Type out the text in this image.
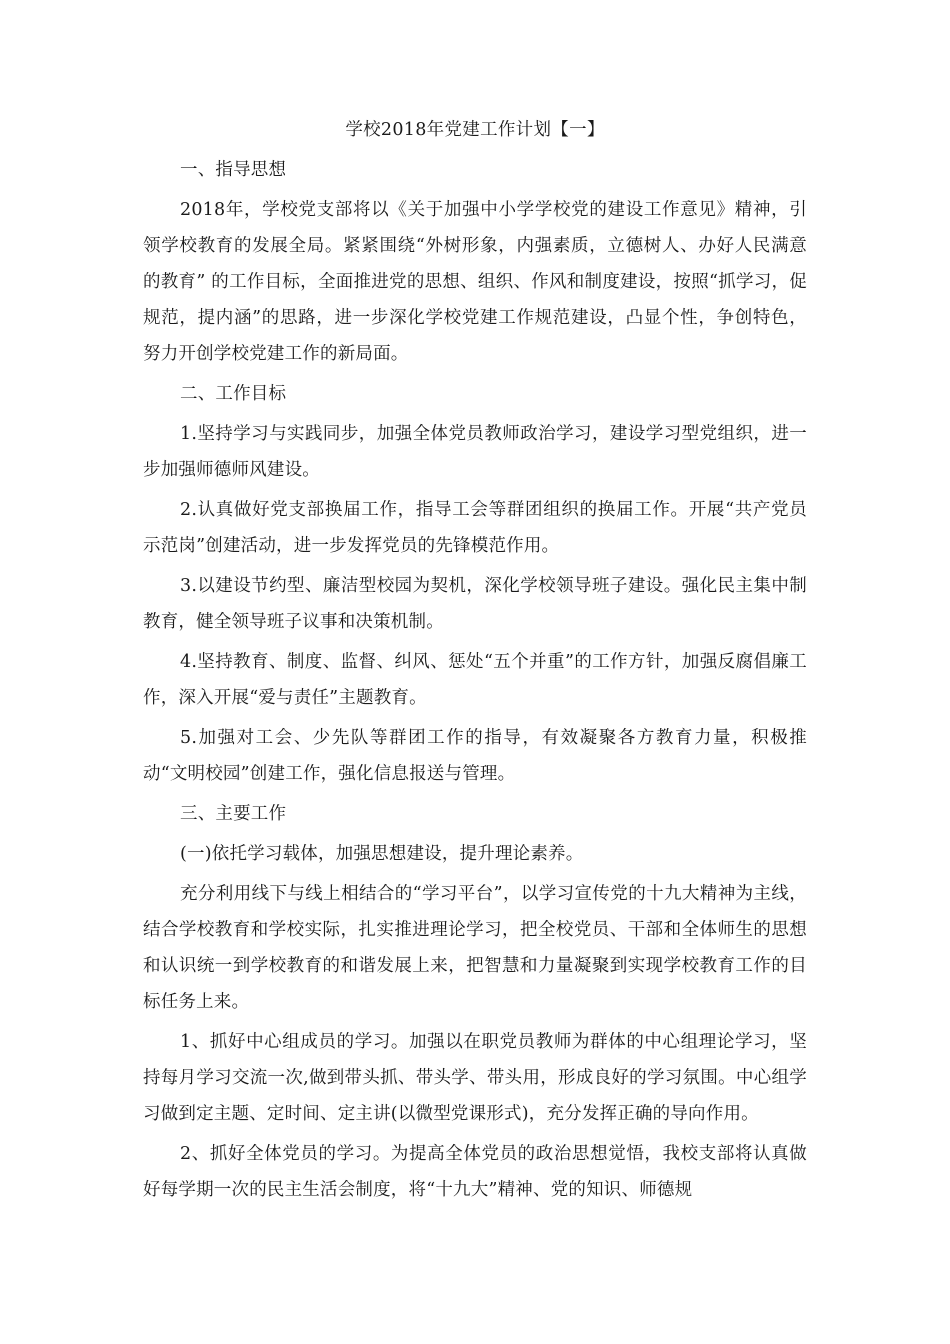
学校2018年党建工作计划【一】
一、指导思想
2018年，学校党支部将以《关于加强中小学学校党的建设工作意见》精神，引领学校教育的发展全局。紧紧围绕“外树形象，内强素质，立德树人、办好人民满意的教育” 的工作目标，全面推进党的思想、组织、作风和制度建设，按照“抓学习，促规范，提内涵”的思路，进一步深化学校党建工作规范建设，凸显个性，争创特色，努力开创学校党建工作的新局面。
二、工作目标
1.坚持学习与实践同步，加强全体党员教师政治学习，建设学习型党组织，进一步加强师德师风建设。
2.认真做好党支部换届工作，指导工会等群团组织的换届工作。开展“共产党员示范岗”创建活动，进一步发挥党员的先锋模范作用。
3.以建设节约型、廉洁型校园为契机，深化学校领导班子建设。强化民主集中制教育，健全领导班子议事和决策机制。
4.坚持教育、制度、监督、纠风、惩处“五个并重”的工作方针，加强反腐倡廉工作，深入开展“爱与责任”主题教育。
5.加强对工会、少先队等群团工作的指导，有效凝聚各方教育力量，积极推动“文明校园”创建工作，强化信息报送与管理。
三、主要工作
(一)依托学习载体，加强思想建设，提升理论素养。
充分利用线下与线上相结合的“学习平台”，以学习宣传党的十九大精神为主线，结合学校教育和学校实际，扎实推进理论学习，把全校党员、干部和全体师生的思想和认识统一到学校教育的和谐发展上来，把智慧和力量凝聚到实现学校教育工作的目标任务上来。
1、抓好中心组成员的学习。加强以在职党员教师为群体的中心组理论学习，坚持每月学习交流一次,做到带头抓、带头学、带头用，形成良好的学习氛围。中心组学习做到定主题、定时间、定主讲(以微型党课形式)，充分发挥正确的导向作用。
2、抓好全体党员的学习。为提高全体党员的政治思想觉悟，我校支部将认真做好每学期一次的民主生活会制度，将“十九大”精神、党的知识、师德规
